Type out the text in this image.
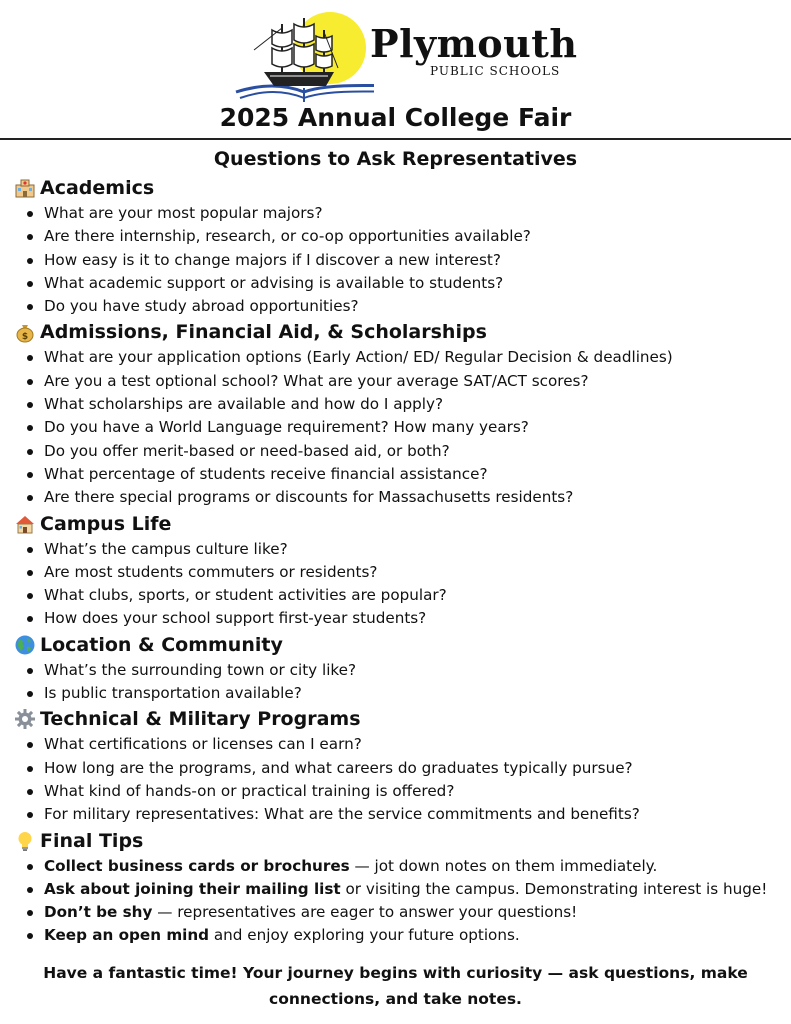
Plymouth
PUBLIC SCHOOLS
2025 Annual College Fair
Questions to Ask Representatives
Academics
What are your most popular majors?
Are there internship, research, or co-op opportunities available?
How easy is it to change majors if I discover a new interest?
What academic support or advising is available to students?
Do you have study abroad opportunities?
$ Admissions, Financial Aid, & Scholarships
What are your application options (Early Action/ ED/ Regular Decision & deadlines)
Are you a test optional school? What are your average SAT/ACT scores?
What scholarships are available and how do I apply?
Do you have a World Language requirement? How many years?
Do you offer merit-based or need-based aid, or both?
What percentage of students receive financial assistance?
Are there special programs or discounts for Massachusetts residents?
Campus Life
What’s the campus culture like?
Are most students commuters or residents?
What clubs, sports, or student activities are popular?
How does your school support first-year students?
Location & Community
What’s the surrounding town or city like?
Is public transportation available?
Technical & Military Programs
What certifications or licenses can I earn?
How long are the programs, and what careers do graduates typically pursue?
What kind of hands-on or practical training is offered?
For military representatives: What are the service commitments and benefits?
Final Tips
Collect business cards or brochures — jot down notes on them immediately.
Ask about joining their mailing list or visiting the campus. Demonstrating interest is huge!
Don’t be shy — representatives are eager to answer your questions!
Keep an open mind and enjoy exploring your future options.
Have a fantastic time! Your journey begins with curiosity — ask questions, make connections, and take notes.
